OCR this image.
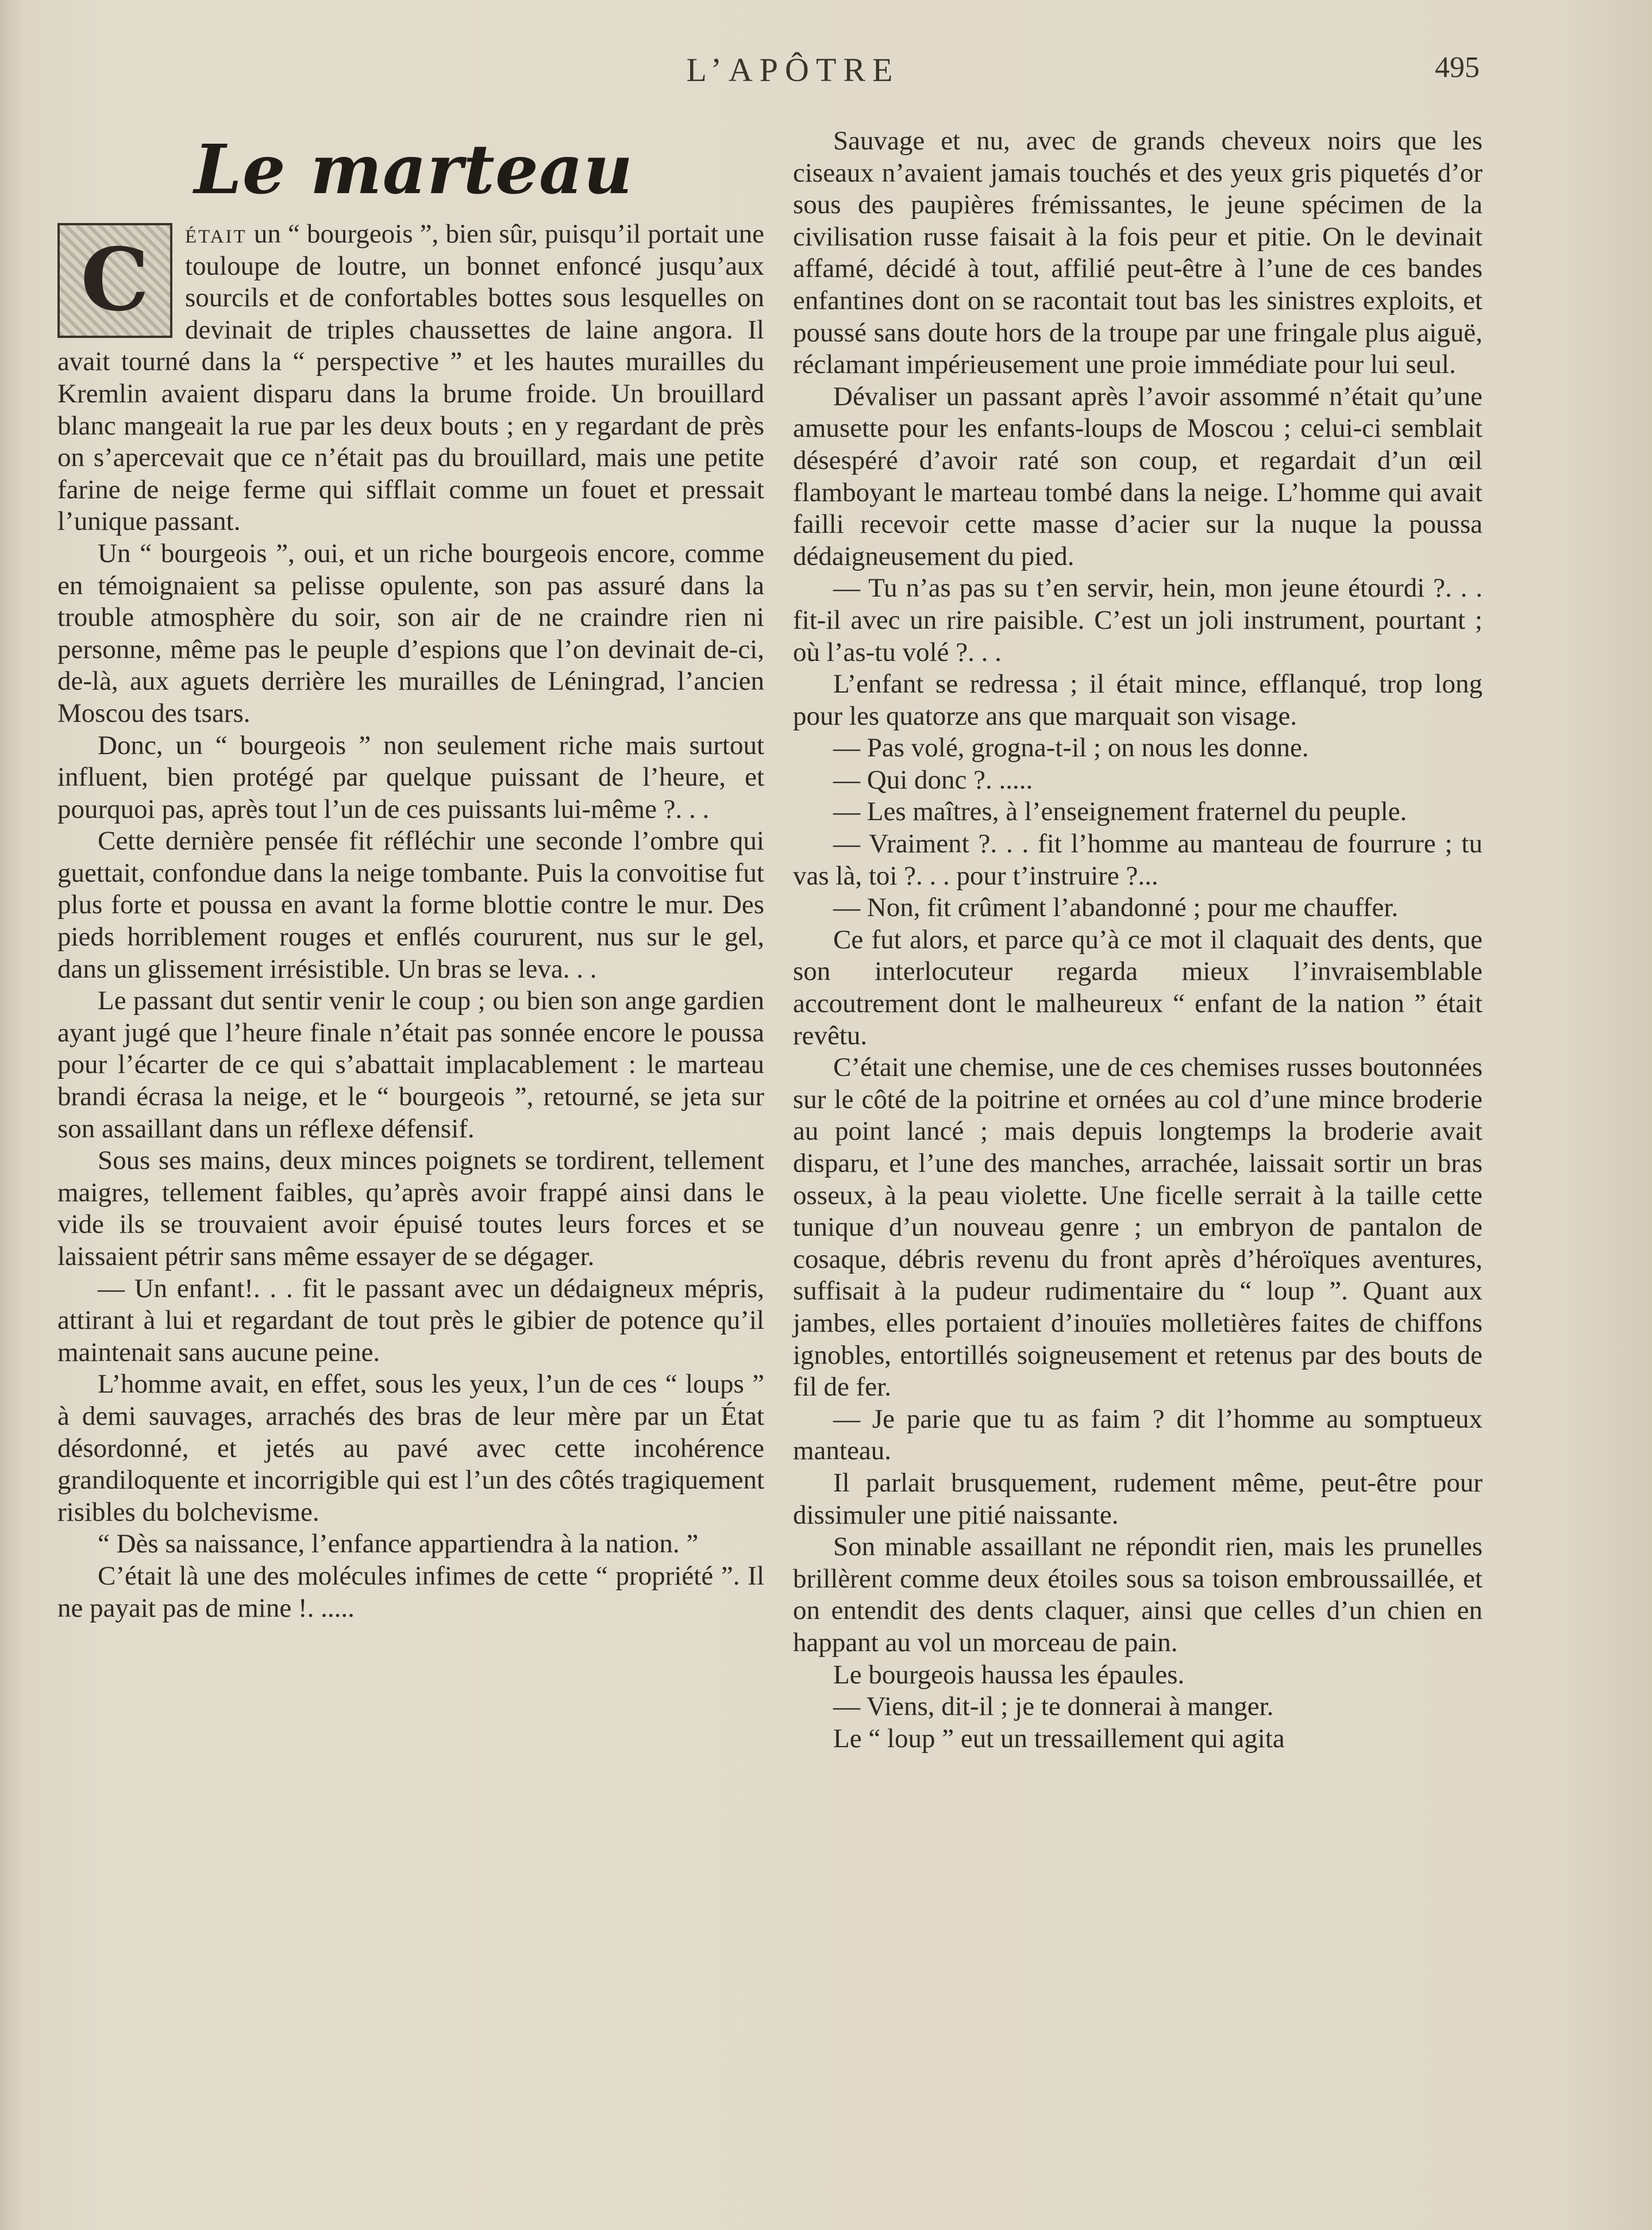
L’APÔTRE	495
Le marteau
C	était un “ bourgeois ”, bien sûr, puisqu’il portait une touloupe de loutre, un bonnet enfoncé jusqu’aux sourcils et de confortables bottes sous lesquelles on devinait de triples chaussettes de laine angora. Il avait tourné dans la “ perspective ” et les hautes murailles du Kremlin avaient disparu dans la brume froide. Un brouillard blanc mangeait la rue par les deux bouts ; en y regardant de près on s’apercevait que ce n’était pas du brouillard, mais une petite farine de neige ferme qui sifflait comme un fouet et pressait l’unique passant.

Un “ bourgeois ”, oui, et un riche bourgeois encore, comme en témoignaient sa pelisse opulente, son pas assuré dans la trouble atmosphère du soir, son air de ne craindre rien ni personne, même pas le peuple d’espions que l’on devinait de-ci, de-là, aux aguets derrière les murailles de Léningrad, l’ancien Moscou des tsars.

Donc, un “ bourgeois ” non seulement riche mais surtout influent, bien protégé par quelque puissant de l’heure, et pourquoi pas, après tout l’un de ces puissants lui-même ?. . .

Cette dernière pensée fit réfléchir une seconde l’ombre qui guettait, confondue dans la neige tombante. Puis la convoitise fut plus forte et poussa en avant la forme blottie contre le mur. Des pieds horriblement rouges et enflés coururent, nus sur le gel, dans un glissement irrésistible. Un bras se leva. . .

Le passant dut sentir venir le coup ; ou bien son ange gardien ayant jugé que l’heure finale n’était pas sonnée encore le poussa pour l’écarter de ce qui s’abattait implacablement : le marteau brandi écrasa la neige, et le “ bourgeois ”, retourné, se jeta sur son assaillant dans un réflexe défensif.

Sous ses mains, deux minces poignets se tordirent, tellement maigres, tellement faibles, qu’après avoir frappé ainsi dans le vide ils se trouvaient avoir épuisé toutes leurs forces et se laissaient pétrir sans même essayer de se dégager.

— Un enfant!. . . fit le passant avec un dédaigneux mépris, attirant à lui et regardant de tout près le gibier de potence qu’il maintenait sans aucune peine.

L’homme avait, en effet, sous les yeux, l’un de ces “ loups ” à demi sauvages, arrachés des bras de leur mère par un État désordonné, et jetés au pavé avec cette incohérence grandiloquente et incorrigible qui est l’un des côtés tragiquement risibles du bolchevisme.

“ Dès sa naissance, l’enfance appartiendra à la nation. ”

C’était là une des molécules infimes de cette “ propriété ”. Il ne payait pas de mine !. .....

Sauvage et nu, avec de grands cheveux noirs que les ciseaux n’avaient jamais touchés et des yeux gris piquetés d’or sous des paupières frémissantes, le jeune spécimen de la civilisation russe faisait à la fois peur et pitie. On le devinait affamé, décidé à tout, affilié peut-être à l’une de ces bandes enfantines dont on se racontait tout bas les sinistres exploits, et poussé sans doute hors de la troupe par une fringale plus aiguë, réclamant impérieusement une proie immédiate pour lui seul.

Dévaliser un passant après l’avoir assommé n’était qu’une amusette pour les enfants-loups de Moscou ; celui-ci semblait désespéré d’avoir raté son coup, et regardait d’un œil flamboyant le marteau tombé dans la neige. L’homme qui avait failli recevoir cette masse d’acier sur la nuque la poussa dédaigneusement du pied.

— Tu n’as pas su t’en servir, hein, mon jeune étourdi ?. . . fit-il avec un rire paisible. C’est un joli instrument, pourtant ; où l’as-tu volé ?. . .

L’enfant se redressa ; il était mince, efflanqué, trop long pour les quatorze ans que marquait son visage.

— Pas volé, grogna-t-il ; on nous les donne.

— Qui donc ?. .....

— Les maîtres, à l’enseignement fraternel du peuple.

— Vraiment ?. . . fit l’homme au manteau de fourrure ; tu vas là, toi ?. . . pour t’instruire ?...

— Non, fit crûment l’abandonné ; pour me chauffer.

Ce fut alors, et parce qu’à ce mot il claquait des dents, que son interlocuteur regarda mieux l’invraisemblable accoutrement dont le malheureux “ enfant de la nation ” était revêtu.

C’était une chemise, une de ces chemises russes boutonnées sur le côté de la poitrine et ornées au col d’une mince broderie au point lancé ; mais depuis longtemps la broderie avait disparu, et l’une des manches, arrachée, laissait sortir un bras osseux, à la peau violette. Une ficelle serrait à la taille cette tunique d’un nouveau genre ; un embryon de pantalon de cosaque, débris revenu du front après d’héroïques aventures, suffisait à la pudeur rudimentaire du “ loup ”. Quant aux jambes, elles portaient d’inouïes molletières faites de chiffons ignobles, entortillés soigneusement et retenus par des bouts de fil de fer.

— Je parie que tu as faim ? dit l’homme au somptueux manteau.

Il parlait brusquement, rudement même, peut-être pour dissimuler une pitié naissante.

Son minable assaillant ne répondit rien, mais les prunelles brillèrent comme deux étoiles sous sa toison embroussaillée, et on entendit des dents claquer, ainsi que celles d’un chien en happant au vol un morceau de pain.

Le bourgeois haussa les épaules.

— Viens, dit-il ; je te donnerai à manger.

Le “ loup ” eut un tressaillement qui agita
